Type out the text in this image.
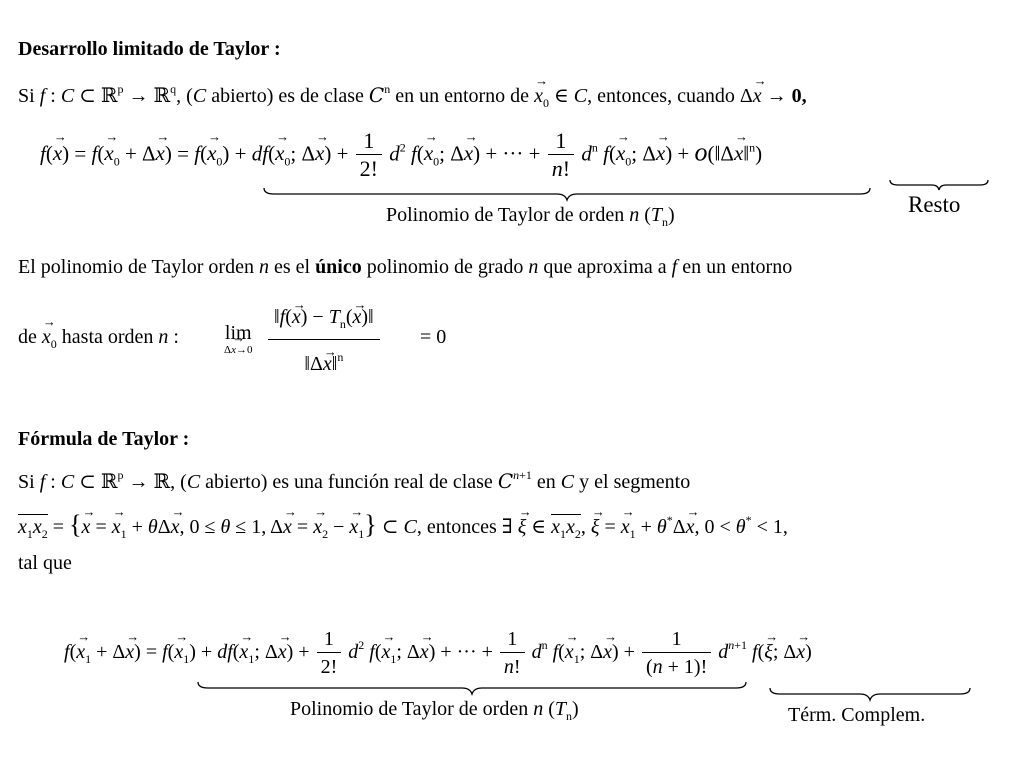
Desarrollo limitado de Taylor :
Si f : C ⊂ ℝ$^p$ → ℝ$^q$, (C abierto) es de clase $C^n$ en un entorno de → $x_0$ ∈ C, entonces, cuando Δ→ x → 0,
$f(\to x) = f(\to x_0 + \Delta\to x) = f(\to x_0) + df(\to x_0$; $\Delta\to x) + \frac{1}{2!} d^2$ $f(\to x_0$; Δ→ x) + ··· + $\frac{1}{n!} d^n$ $f(\to x_0$; Δ→ x) + o(‖Δ→ x‖$^n$)
Polinomio de Taylor de orden n $(T_n)$	Resto
El polinomio de Taylor orden n es el único polinomio de grado n que aproxima a f en un entorno
de → $x_0$ hasta orden n : lim
Δ→ x→0
‖f(→ $x) - T_n(\to$ x)‖
‖Δ→ x‖$^n$
= 0
Fórmula de Taylor :
Si f : C ⊂ ℝ$^p$ → ℝ, (C abierto) es una función real de clase $C^{n+1}$ en C y el segmento
$x_1x_2$ = {→ x = → $x_1 + \theta\Delta\to x$, 0 ≤ θ ≤ 1, Δ→ x = → $x_2$ − → $x_1$} ⊂ C, entonces ∃ → ξ ∈ $x_1x_2$, → ξ = → $x_1 + \theta^*\Delta\to x$, 0 < θ* < 1,
tal que
$f(\to x_1 + \Delta\to x) = f(\to x_1) + df(\to x_1$; $\Delta\to x) + \frac{1}{2!} d^2$ $f(\to x_1$; Δ→ x) + ··· + $\frac{1}{n!} d^n$ $f(\to x_1$; $\Delta\to x) + \frac{1}{(n + 1)!} d^{n+1}$ f(→ ξ; Δ→ x)
Polinomio de Taylor de orden n $(T_n)$	Térm. Complem.
